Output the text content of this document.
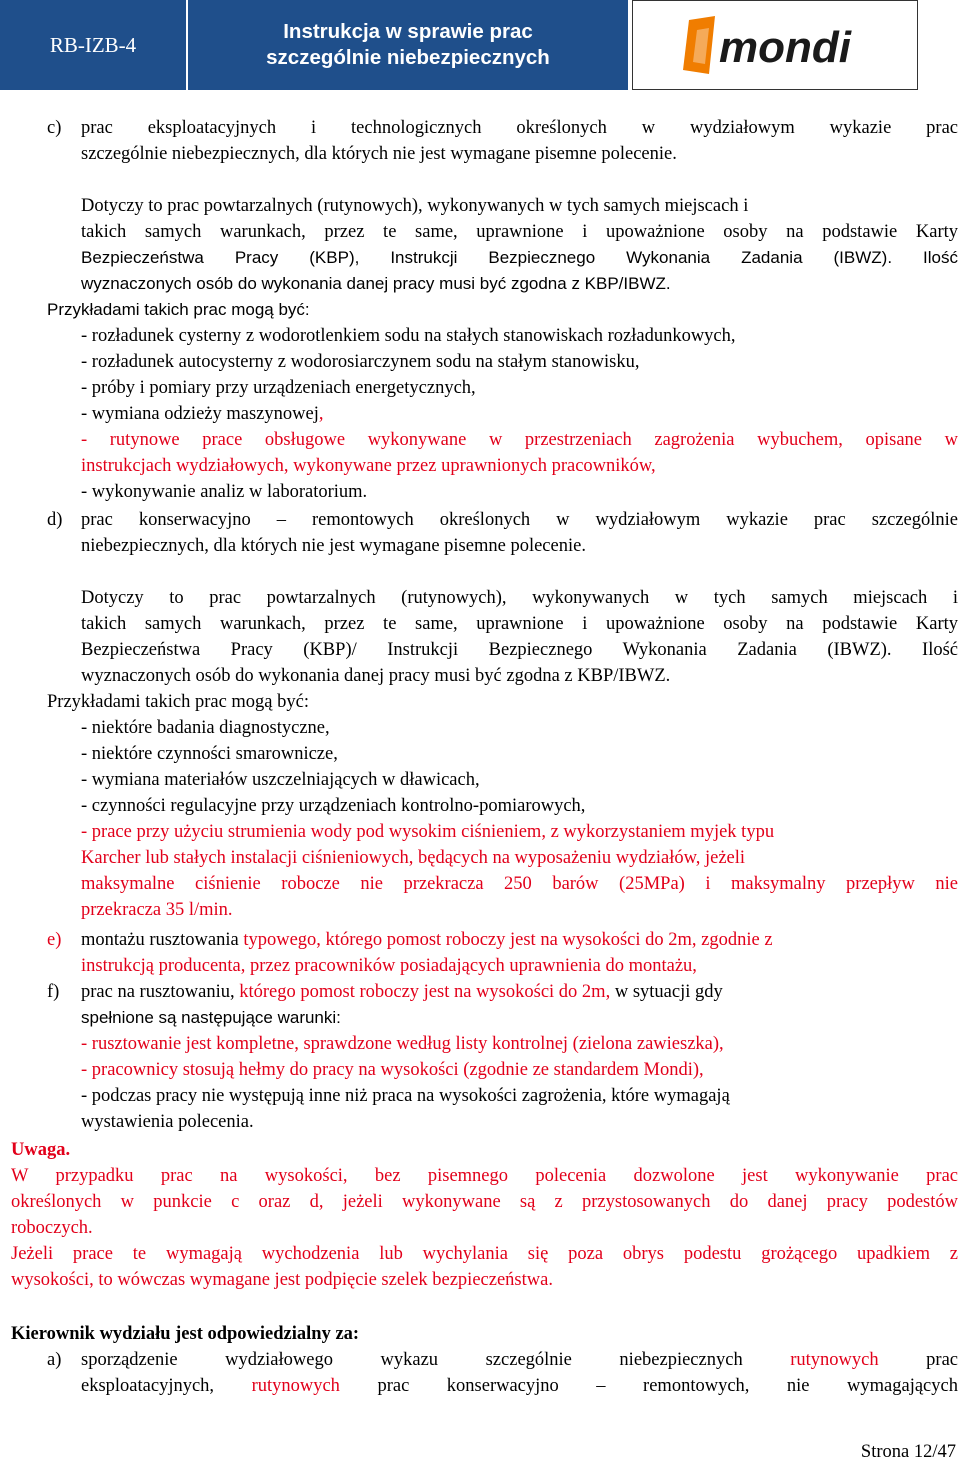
RB-IZB-4
Instrukcja w sprawie prac
szczególnie niebezpiecznych	mondi
c) prac eksploatacyjnych i technologicznych określonych w wydziałowym wykazie prac
szczególnie niebezpiecznych, dla których nie jest wymagane pisemne polecenie.
Dotyczy to prac powtarzalnych (rutynowych), wykonywanych w tych samych miejscach i
takich samych warunkach, przez te same, uprawnione i upoważnione osoby na podstawie Karty
Bezpieczeństwa Pracy (KBP), Instrukcji Bezpiecznego Wykonania Zadania (IBWZ). Ilość
wyznaczonych osób do wykonania danej pracy musi być zgodna z KBP/IBWZ.
Przykładami takich prac mogą być:
- rozładunek cysterny z wodorotlenkiem sodu na stałych stanowiskach rozładunkowych,
- rozładunek autocysterny z wodorosiarczynem sodu na stałym stanowisku,
- próby i pomiary przy urządzeniach energetycznych,
- wymiana odzieży maszynowej,
- rutynowe prace obsługowe wykonywane w przestrzeniach zagrożenia wybuchem, opisane w
instrukcjach wydziałowych, wykonywane przez uprawnionych pracowników,
- wykonywanie analiz w laboratorium.
d) prac konserwacyjno – remontowych określonych w wydziałowym wykazie prac szczególnie
niebezpiecznych, dla których nie jest wymagane pisemne polecenie.
Dotyczy to prac powtarzalnych (rutynowych), wykonywanych w tych samych miejscach i
takich samych warunkach, przez te same, uprawnione i upoważnione osoby na podstawie Karty
Bezpieczeństwa Pracy (KBP)/ Instrukcji Bezpiecznego Wykonania Zadania (IBWZ). Ilość
wyznaczonych osób do wykonania danej pracy musi być zgodna z KBP/IBWZ.
Przykładami takich prac mogą być:
- niektóre badania diagnostyczne,
- niektóre czynności smarownicze,
- wymiana materiałów uszczelniających w dławicach,
- czynności regulacyjne przy urządzeniach kontrolno-pomiarowych,
- prace przy użyciu strumienia wody pod wysokim ciśnieniem, z wykorzystaniem myjek typu
Karcher lub stałych instalacji ciśnieniowych, będących na wyposażeniu wydziałów, jeżeli
maksymalne ciśnienie robocze nie przekracza 250 barów (25MPa) i maksymalny przepływ nie
przekracza 35 l/min.
e) montażu rusztowania typowego, którego pomost roboczy jest na wysokości do 2m, zgodnie z
instrukcją producenta, przez pracowników posiadających uprawnienia do montażu,
f) prac na rusztowaniu, którego pomost roboczy jest na wysokości do 2m, w sytuacji gdy
spełnione są następujące warunki:
- rusztowanie jest kompletne, sprawdzone według listy kontrolnej (zielona zawieszka),
- pracownicy stosują hełmy do pracy na wysokości (zgodnie ze standardem Mondi),
- podczas pracy nie występują inne niż praca na wysokości zagrożenia, które wymagają
wystawienia polecenia.
Uwaga.
W przypadku prac na wysokości, bez pisemnego polecenia dozwolone jest wykonywanie prac
określonych w punkcie c oraz d, jeżeli wykonywane są z przystosowanych do danej pracy podestów
roboczych.
Jeżeli prace te wymagają wychodzenia lub wychylania się poza obrys podestu grożącego upadkiem z
wysokości, to wówczas wymagane jest podpięcie szelek bezpieczeństwa.
Kierownik wydziału jest odpowiedzialny za:
a) sporządzenie wydziałowego wykazu szczególnie niebezpiecznych rutynowych prac
eksploatacyjnych, rutynowych prac konserwacyjno – remontowych, nie wymagających
Strona 12/47
